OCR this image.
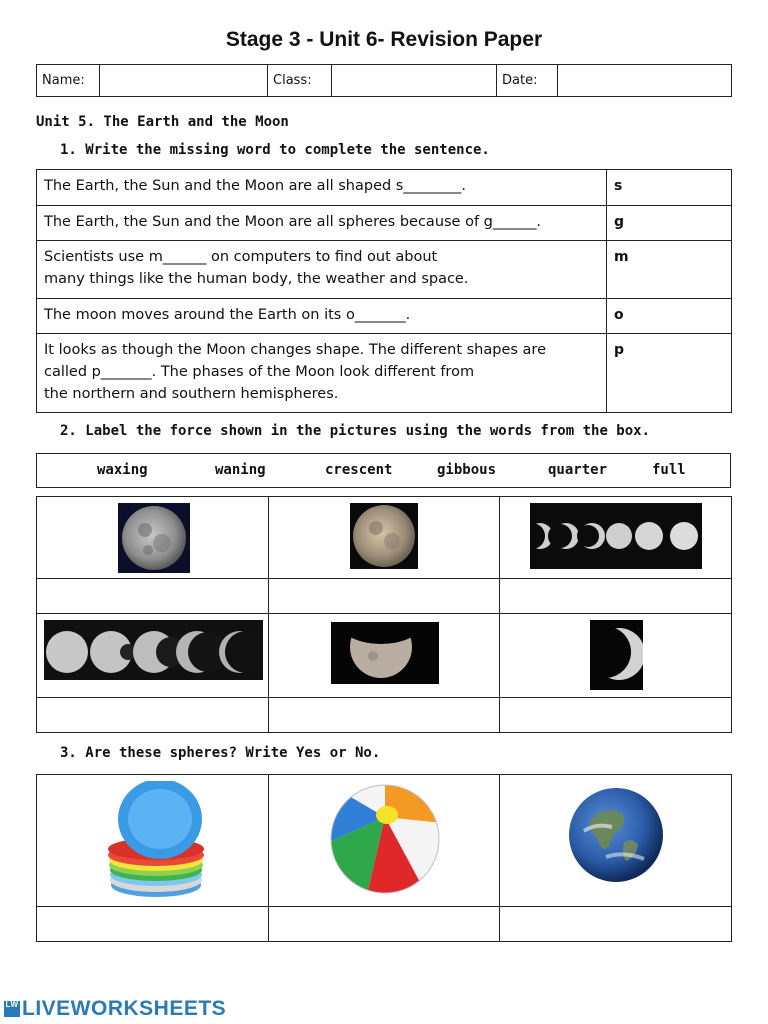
Stage 3 - Unit 6- Revision Paper
Name:		Class:		Date:	
Unit 5. The Earth and the Moon
1. Write the missing word to complete the sentence.
The Earth, the Sun and the Moon are all shaped s________.	s
The Earth, the Sun and the Moon are all spheres because of g______.	g
Scientists use m______ on computers to find out about
many things like the human body, the weather and space.	m
The moon moves around the Earth on its o_______.	o
It looks as though the Moon changes shape. The different shapes are
called p_______. The phases of the Moon look different from
the northern and southern hemispheres.	p
2. Label the force shown in the pictures using the words from the box.
waxing	waning	crescent	gibbous	quarter	full

3. Are these spheres? Write Yes or No.

LW LIVEWORKSHEETS
